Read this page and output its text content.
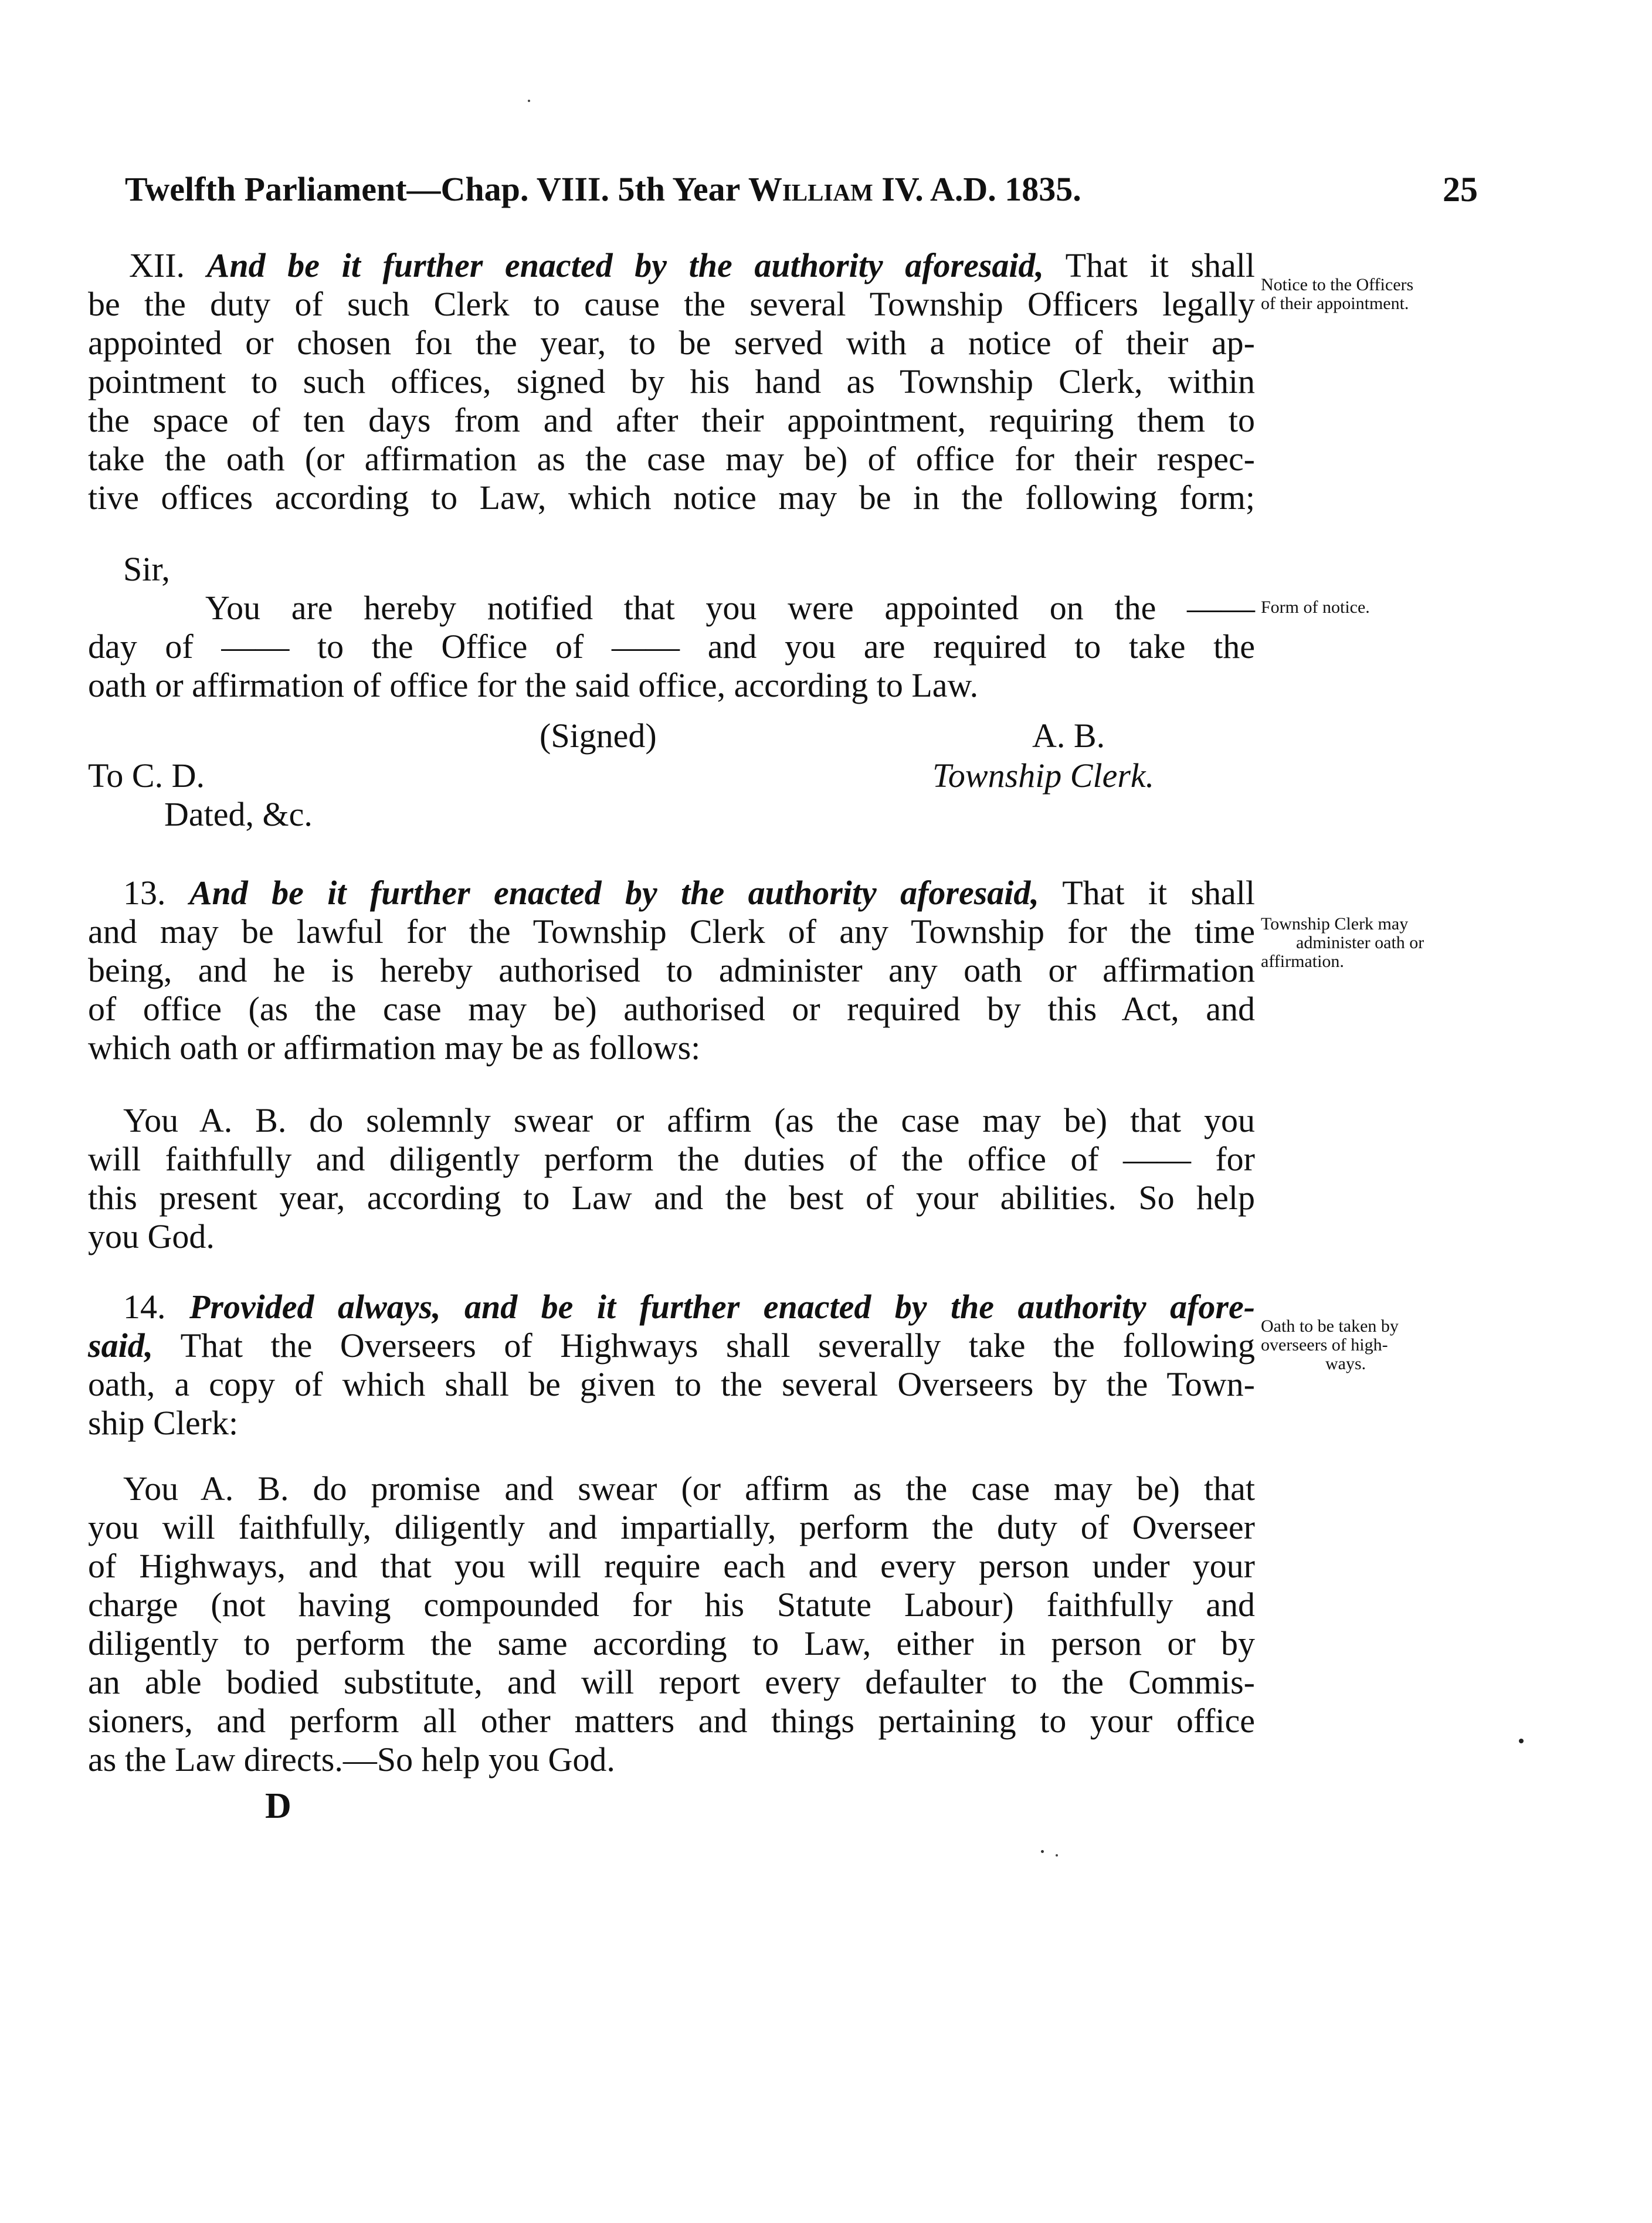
Twelfth Parliament—Chap. VIII. 5th Year William IV. A.D. 1835.	25
XII. And be it further enacted by the authority aforesaid, That it shall
be the duty of such Clerk to cause the several Township Officers legally
appointed or chosen foı the year, to be served with a notice of their ap-
pointment to such offices, signed by his hand as Township Clerk, within
the space of ten days from and after their appointment, requiring them to
take the oath (or affirmation as the case may be) of office for their respec-
tive offices according to Law, which notice may be in the following form;
Notice to the Officers
of their appointment.
Sir,
You are hereby notified that you were appointed on the ——
day of —— to the Office of —— and you are required to take the
oath or affirmation of office for the said office, according to Law.
Form of notice.
(Signed)	A. B.
To C. D.	Township Clerk.
Dated, &c.
13. And be it further enacted by the authority aforesaid, That it shall
and may be lawful for the Township Clerk of any Township for the time
being, and he is hereby authorised to administer any oath or affirmation
of office (as the case may be) authorised or required by this Act, and
which oath or affirmation may be as follows:
Township Clerk may
administer oath or
affirmation.
You A. B. do solemnly swear or affirm (as the case may be) that you
will faithfully and diligently perform the duties of the office of —— for
this present year, according to Law and the best of your abilities. So help
you God.
14. Provided always, and be it further enacted by the authority afore-
said, That the Overseers of Highways shall severally take the following
oath, a copy of which shall be given to the several Overseers by the Town-
ship Clerk:
Oath to be taken by
overseers of high-
ways.
You A. B. do promise and swear (or affirm as the case may be) that
you will faithfully, diligently and impartially, perform the duty of Overseer
of Highways, and that you will require each and every person under your
charge (not having compounded for his Statute Labour) faithfully and
diligently to perform the same according to Law, either in person or by
an able bodied substitute, and will report every defaulter to the Commis-
sioners, and perform all other matters and things pertaining to your office
as the Law directs.—So help you God.
D
